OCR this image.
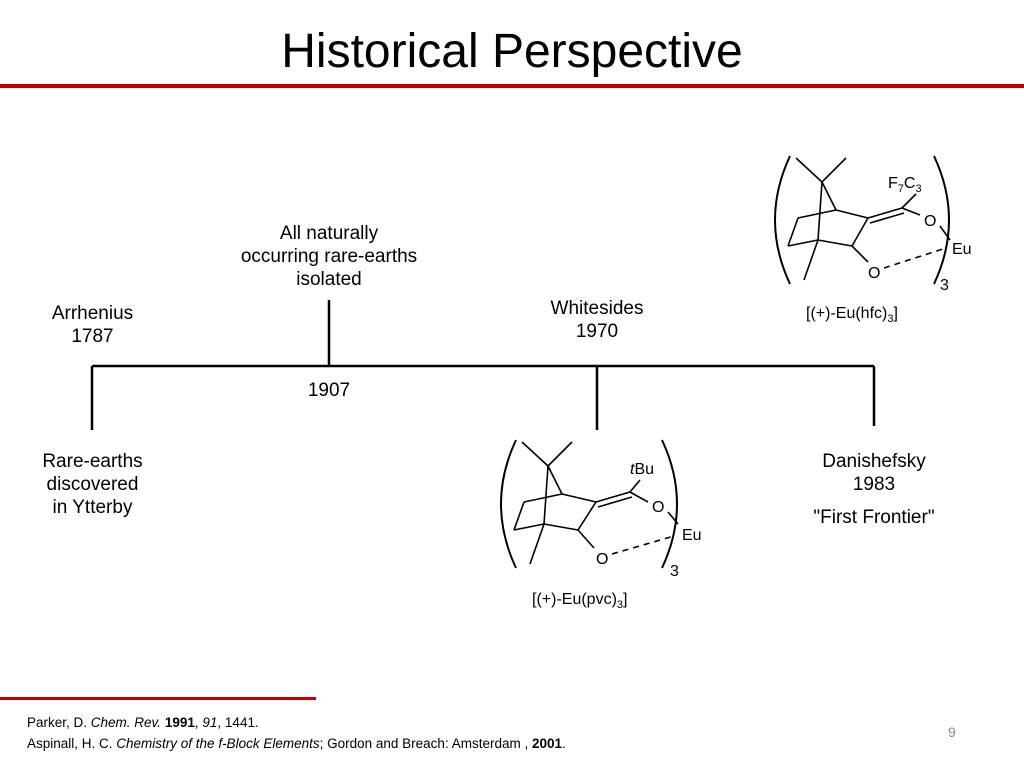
Historical Perspective
$F_7C_3$
O
Eu
O
3
$[(+)-Eu(hfc)_3]$
tBu
O
Eu
O
3
$[(+)-Eu(pvc)_3]$
Arrhenius
1787
Rare-earths
discovered
in Ytterby
All naturally
occurring rare-earths
isolated
1907
Whitesides
1970
Danishefsky
1983
"First Frontier"
Parker, D. Chem. Rev. 1991, 91, 1441.
Aspinall, H. C. Chemistry of the f-Block Elements; Gordon and Breach: Amsterdam , 2001.
9
